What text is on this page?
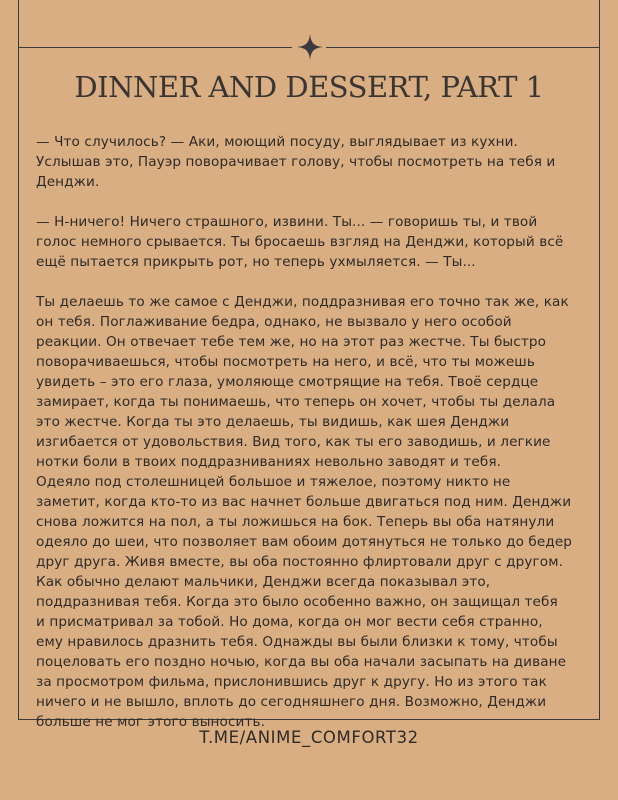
DINNER AND DESSERT, PART 1

— Что случилось? — Аки, моющий посуду, выглядывает из кухни.
Услышав это, Пауэр поворачивает голову, чтобы посмотреть на тебя и
Денджи.

— Н-ничего! Ничего страшного, извини. Ты... — говоришь ты, и твой
голос немного срывается. Ты бросаешь взгляд на Денджи, который всё
ещё пытается прикрыть рот, но теперь ухмыляется. — Ты...

Ты делаешь то же самое с Денджи, поддразнивая его точно так же, как
он тебя. Поглаживание бедра, однако, не вызвало у него особой
реакции. Он отвечает тебе тем же, но на этот раз жестче. Ты быстро
поворачиваешься, чтобы посмотреть на него, и всё, что ты можешь
увидеть – это его глаза, умоляюще смотрящие на тебя. Твоё сердце
замирает, когда ты понимаешь, что теперь он хочет, чтобы ты делала
это жестче. Когда ты это делаешь, ты видишь, как шея Денджи
изгибается от удовольствия. Вид того, как ты его заводишь, и легкие
нотки боли в твоих поддразниваниях невольно заводят и тебя.

Одеяло под столешницей большое и тяжелое, поэтому никто не
заметит, когда кто-то из вас начнет больше двигаться под ним. Денджи
снова ложится на пол, а ты ложишься на бок. Теперь вы оба натянули
одеяло до шеи, что позволяет вам обоим дотянуться не только до бедер
друг друга. Живя вместе, вы оба постоянно флиртовали друг с другом.
Как обычно делают мальчики, Денджи всегда показывал это,
поддразнивая тебя. Когда это было особенно важно, он защищал тебя
и присматривал за тобой. Но дома, когда он мог вести себя странно,
ему нравилось дразнить тебя. Однажды вы были близки к тому, чтобы
поцеловать его поздно ночью, когда вы оба начали засыпать на диване
за просмотром фильма, прислонившись друг к другу. Но из этого так
ничего и не вышло, вплоть до сегодняшнего дня. Возможно, Денджи
больше не мог этого выносить.

T.ME/ANIME_COMFORT32
